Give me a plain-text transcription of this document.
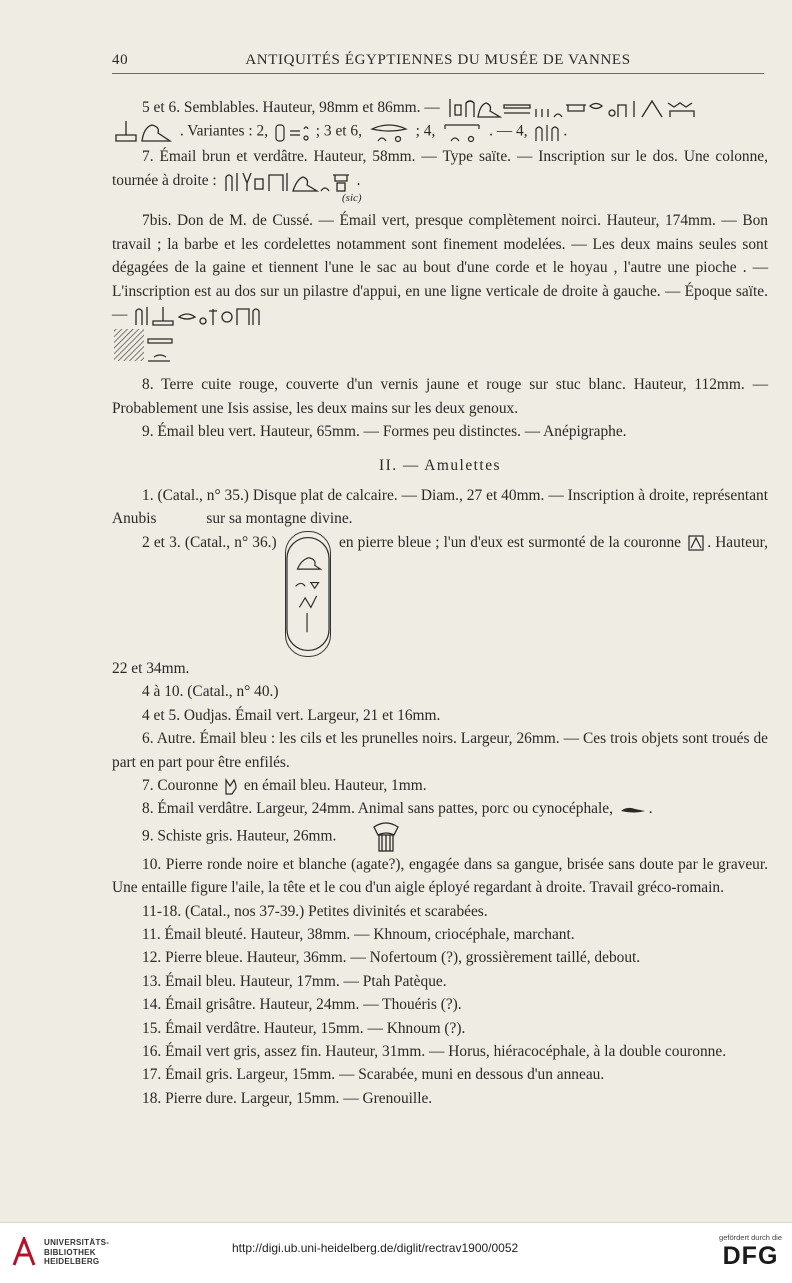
40	ANTIQUITÉS ÉGYPTIENNES DU MUSÉE DE VANNES

5 et 6. Semblables. Hauteur, 98mm et 86mm. —

. Variantes : 2,	; 3 et 6,	; 4,	. — 4, .

7. Émail brun et verdâtre. Hauteur, 58mm. — Type saïte. — Inscription sur le dos. Une colonne, tournée à droite :	.

(sic)

7bis. Don de M. de Cussé. — Émail vert, presque complètement noirci. Hauteur, 174mm. — Bon travail ; la barbe et les cordelettes notamment sont finement modelées. — Les deux mains seules sont dégagées de la gaine et tiennent l'une le sac au bout d'une corde et le hoyau , l'autre une pioche . — L'inscription est au dos sur un pilastre d'appui, en une ligne verticale de droite à gauche. — Époque saïte. —

8. Terre cuite rouge, couverte d'un vernis jaune et rouge sur stuc blanc. Hauteur, 112mm. — Probablement une Isis assise, les deux mains sur les deux genoux.

9. Émail bleu vert. Hauteur, 65mm. — Formes peu distinctes. — Anépigraphe.

II. — Amulettes

1. (Catal., n° 35.) Disque plat de calcaire. — Diam., 27 et 40mm. — Inscription à droite, représentant Anubis	sur sa montagne divine.

2 et 3. (Catal., n° 36.)	en pierre bleue ; l'un d'eux est surmonté de la couronne . Hauteur, 22 et 34mm.

4 à 10. (Catal., n° 40.)

4 et 5. Oudjas. Émail vert. Largeur, 21 et 16mm.

6. Autre. Émail bleu : les cils et les prunelles noirs. Largeur, 26mm. — Ces trois objets sont troués de part en part pour être enfilés.

7. Couronne en émail bleu. Hauteur, 1mm.

8. Émail verdâtre. Largeur, 24mm. Animal sans pattes, porc ou cynocéphale, .

9. Schiste gris. Hauteur, 26mm.

10. Pierre ronde noire et blanche (agate?), engagée dans sa gangue, brisée sans doute par le graveur. Une entaille figure l'aile, la tête et le cou d'un aigle éployé regardant à droite. Travail gréco-romain.

11-18. (Catal., nos 37-39.) Petites divinités et scarabées.

11. Émail bleuté. Hauteur, 38mm. — Khnoum, criocéphale, marchant.

12. Pierre bleue. Hauteur, 36mm. — Nofertoum (?), grossièrement taillé, debout.

13. Émail bleu. Hauteur, 17mm. — Ptah Patèque.

14. Émail grisâtre. Hauteur, 24mm. — Thouéris (?).

15. Émail verdâtre. Hauteur, 15mm. — Khnoum (?).

16. Émail vert gris, assez fin. Hauteur, 31mm. — Horus, hiéracocéphale, à la double couronne.

17. Émail gris. Largeur, 15mm. — Scarabée, muni en dessous d'un anneau.

18. Pierre dure. Largeur, 15mm. — Grenouille.

UNIVERSITÄTS-
BIBLIOTHEK
HEIDELBERG
http://digi.ub.uni-heidelberg.de/diglit/rectrav1900/0052
gefördert durch die
DFG
